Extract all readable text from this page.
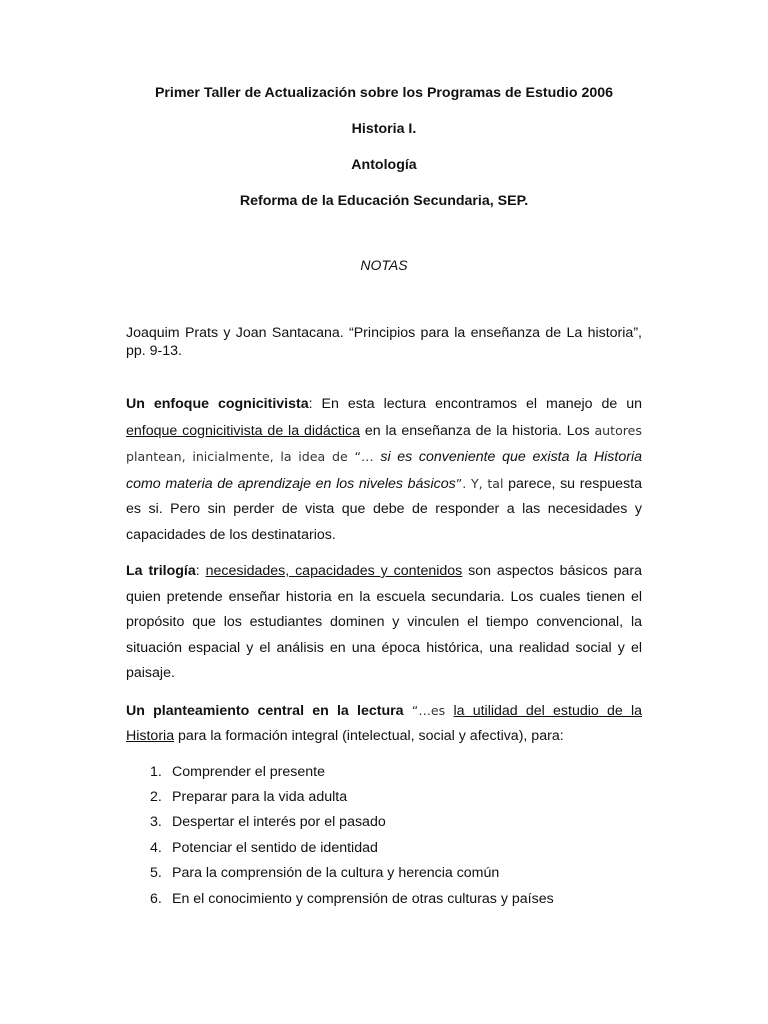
Primer Taller de Actualización sobre los Programas de Estudio 2006

Historia I.

Antología

Reforma de la Educación Secundaria, SEP.

NOTAS

Joaquim Prats y Joan Santacana. “Principios para la enseñanza de La historia”, pp. 9-13.

Un enfoque cognicitivista: En esta lectura encontramos el manejo de un enfoque cognicitivista de la didáctica en la enseñanza de la historia. Los autores plantean, inicialmente, la idea de “… si es conveniente que exista la Historia como materia de aprendizaje en los niveles básicos”. Y, tal parece, su respuesta es si. Pero sin perder de vista que debe de responder a las necesidades y capacidades de los destinatarios.

La trilogía: necesidades, capacidades y contenidos son aspectos básicos para quien pretende enseñar historia en la escuela secundaria. Los cuales tienen el propósito que los estudiantes dominen y vinculen el tiempo convencional, la situación espacial y el análisis en una época histórica, una realidad social y el paisaje.

Un planteamiento central en la lectura “…es la utilidad del estudio de la Historia para la formación integral (intelectual, social y afectiva), para:

1. Comprender el presente
2. Preparar para la vida adulta
3. Despertar el interés por el pasado
4. Potenciar el sentido de identidad
5. Para la comprensión de la cultura y herencia común
6. En el conocimiento y comprensión de otras culturas y países
